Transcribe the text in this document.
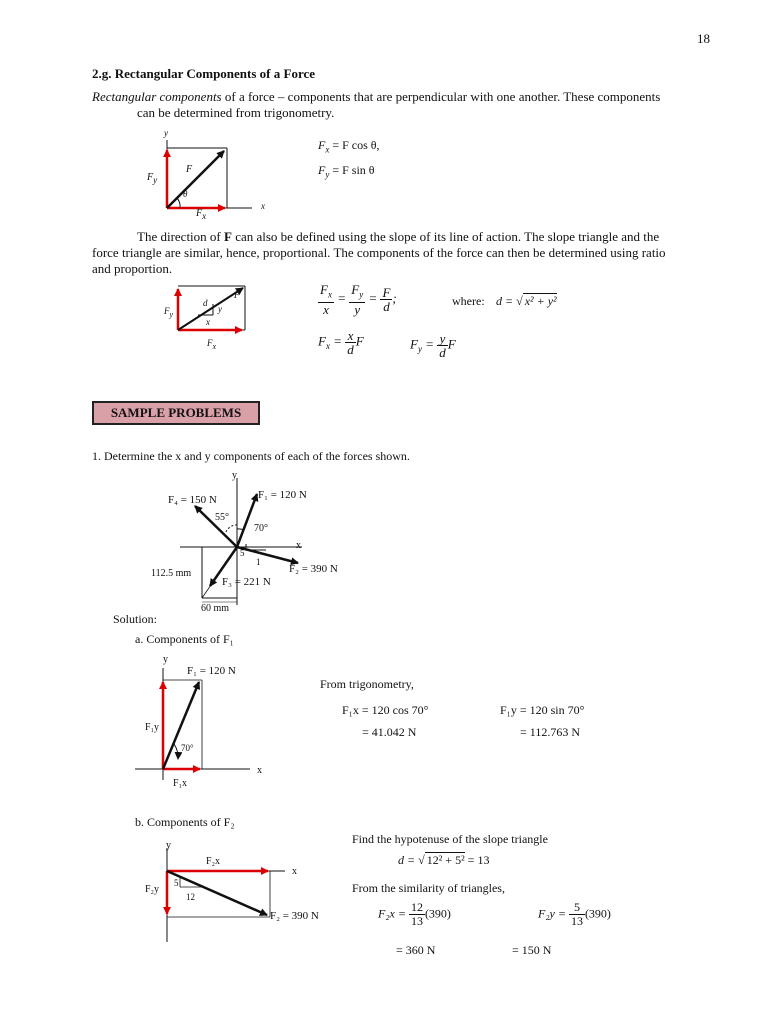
18
2.g. Rectangular Components of a Force
Rectangular components of a force – components that are perpendicular with one another. These components
can be determined from trigonometry.
y
x
F
$F_y$
$F_x$
θ
$F_x = F$ cos θ,
$F_y = F$ sin θ
The direction of F can also be defined using the slope of its line of action. The slope triangle and the
force triangle are similar, hence, proportional. The components of the force can then be determined using ratio
and proportion.
F
d
y
x
$F_y$
$F_x$
$\frac{F_x}{x} = \frac{F_y}{y} = \frac{F}{d}$ ;	where: d = √ x² + y²
$F_x = \frac{x}{d}$ F	$F_y = \frac{y}{d}$ F
SAMPLE PROBLEMS
1. Determine the x and y components of each of the forces shown.
y
x
F₄ = 150 N	F₁ = 120 N
55°
70°
5
1
F₂ = 390 N
F₃ = 221 N
112.5 mm
60 mm
Solution:
a. Components of F₁
y
x
F₁ = 120 N
F₁y
F₁x
70°
From trigonometry,
F₁x = 120 cos 70°
= 41.042 N
F₁y = 120 sin 70°
= 112.763 N
b. Components of F₂
y
x
F₂x
F₂y
5
12
F₂ = 390 N
Find the hypotenuse of the slope triangle
d = √ 12² + 5² = 13
From the similarity of triangles,
$F_2x = \frac{12}{13} (390)$	$F_2y = \frac{5}{13} (390)$
= 360 N	= 150 N
